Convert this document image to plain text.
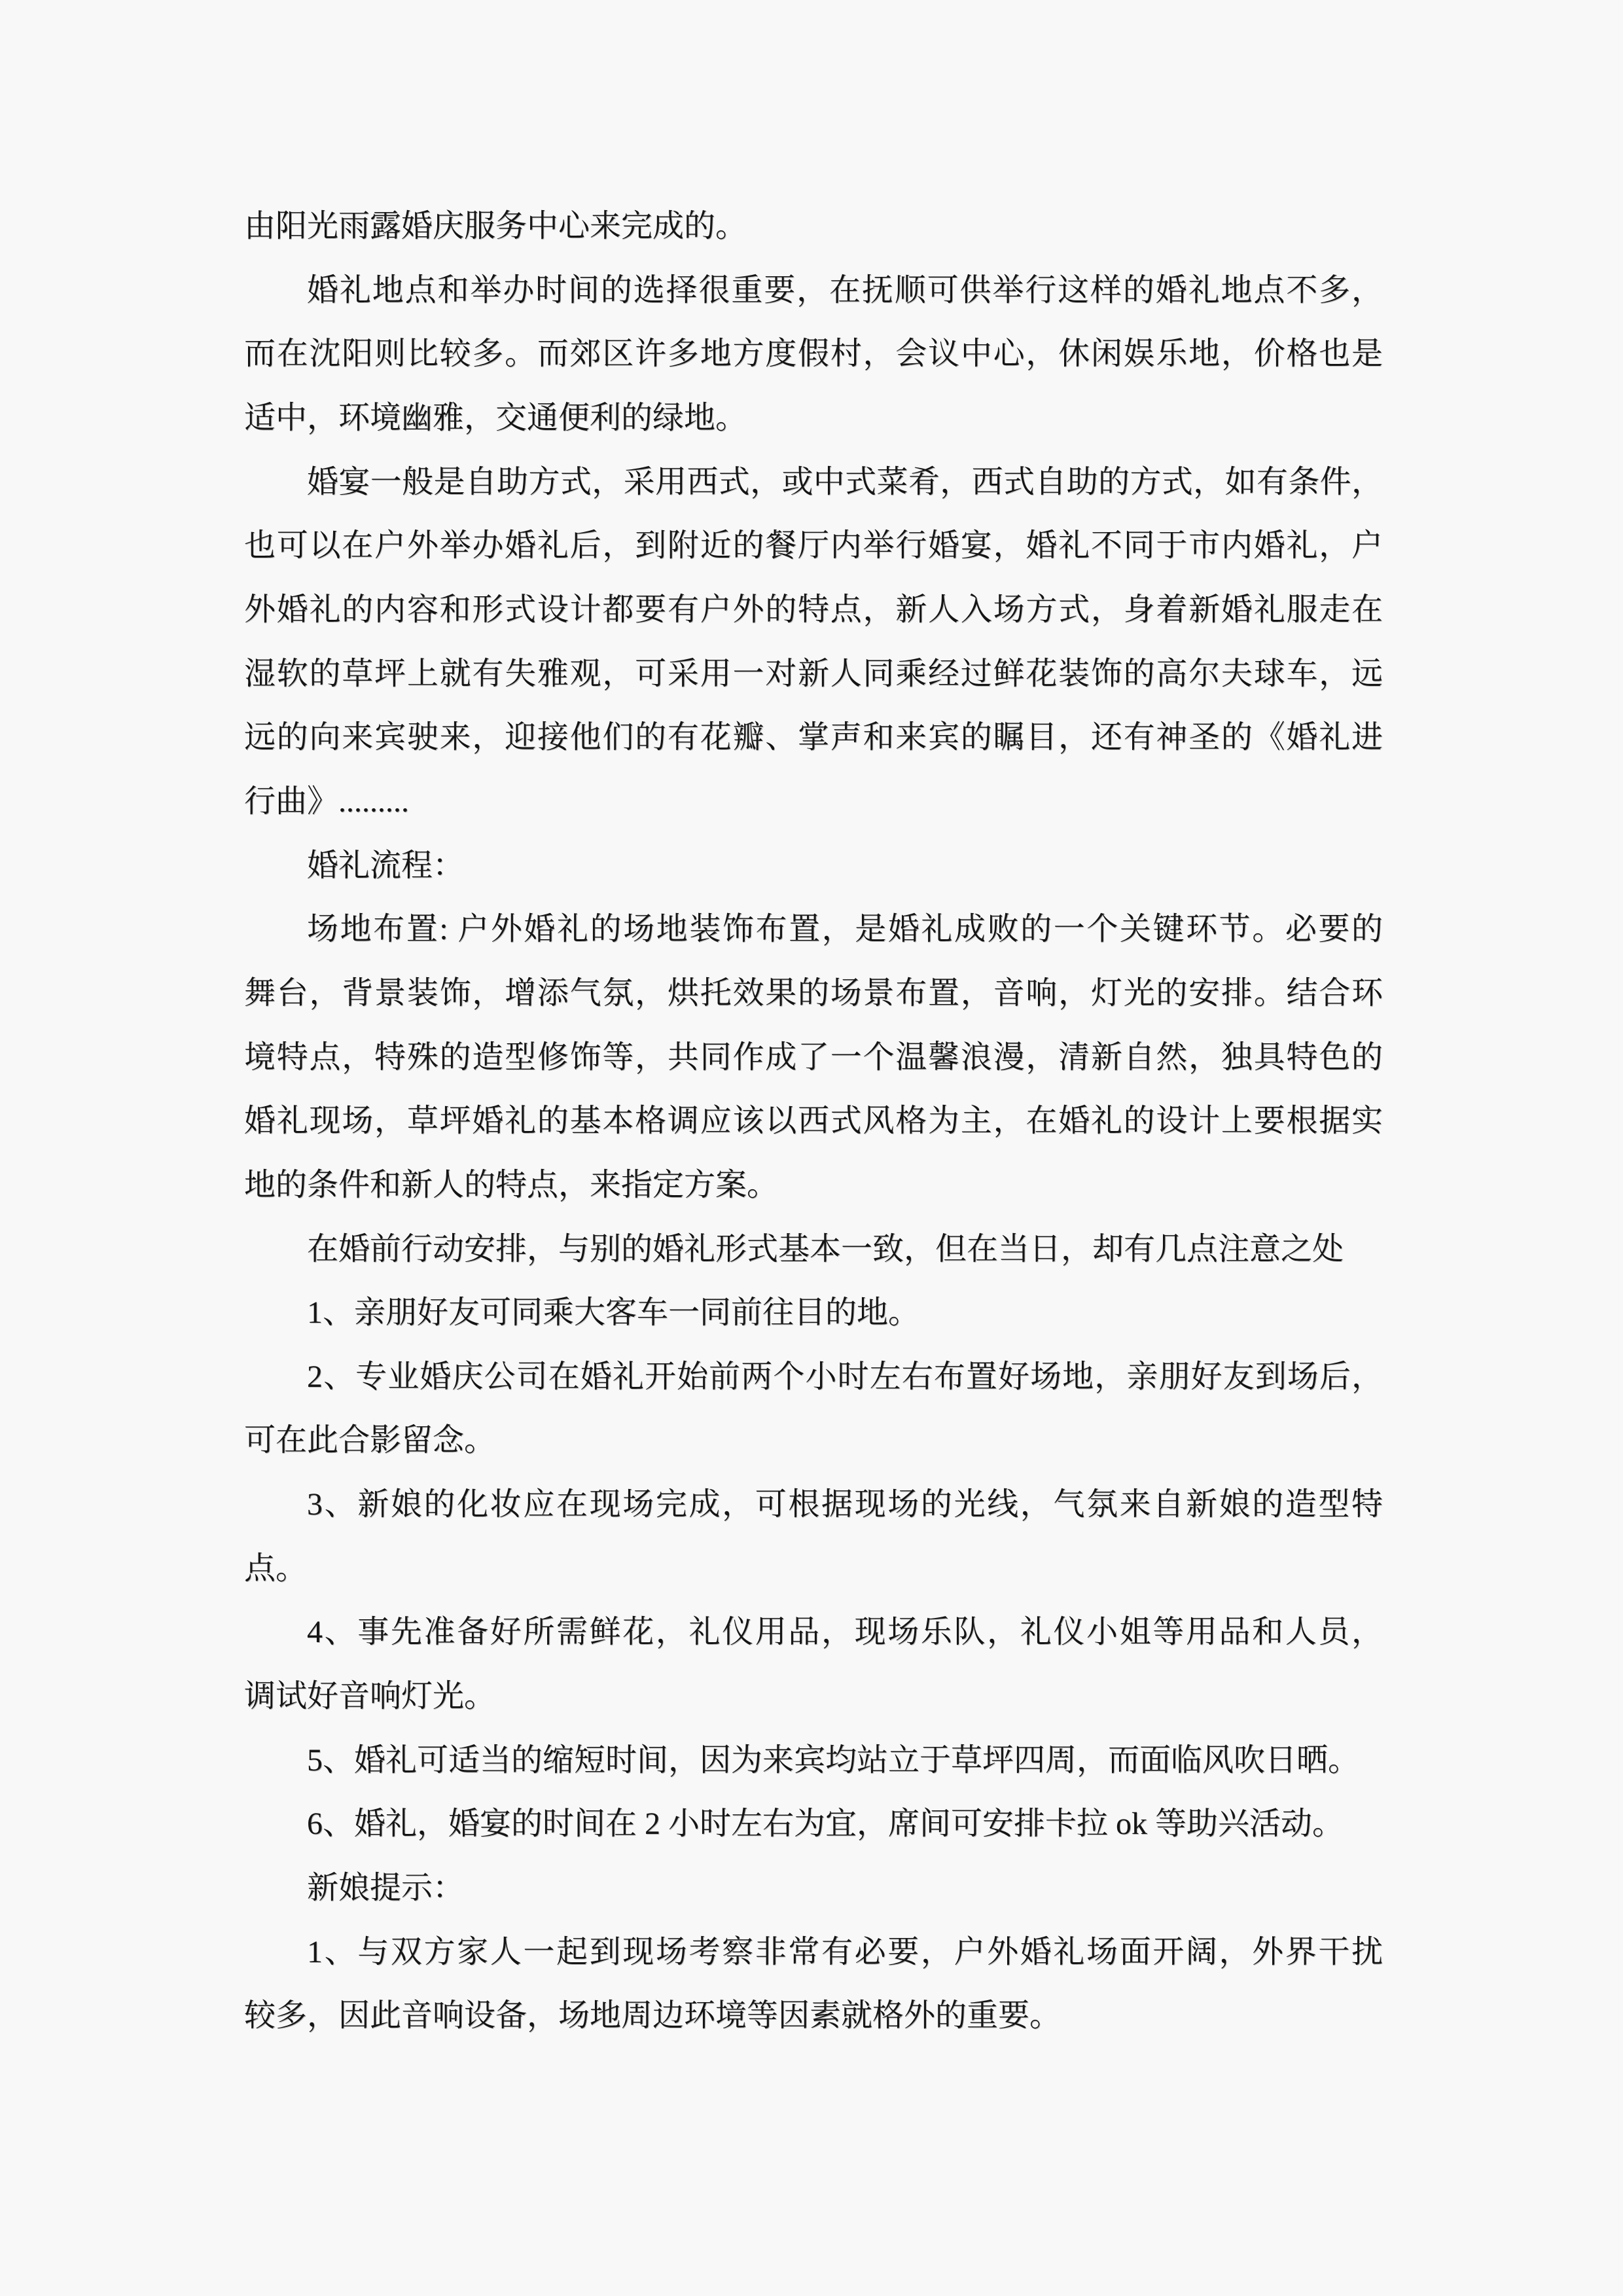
由阳光雨露婚庆服务中心来完成的。
婚礼地点和举办时间的选择很重要，在抚顺可供举行这样的婚礼地点不多，
而在沈阳则比较多。而郊区许多地方度假村，会议中心，休闲娱乐地，价格也是
适中，环境幽雅，交通便利的绿地。
婚宴一般是自助方式，采用西式，或中式菜肴，西式自助的方式，如有条件，
也可以在户外举办婚礼后，到附近的餐厅内举行婚宴，婚礼不同于市内婚礼，户
外婚礼的内容和形式设计都要有户外的特点，新人入场方式，身着新婚礼服走在
湿软的草坪上就有失雅观，可采用一对新人同乘经过鲜花装饰的高尔夫球车，远
远的向来宾驶来，迎接他们的有花瓣、掌声和来宾的瞩目，还有神圣的《婚礼进
行曲》.........
婚礼流程：
场地布置: 户外婚礼的场地装饰布置，是婚礼成败的一个关键环节。必要的
舞台，背景装饰，增添气氛，烘托效果的场景布置，音响，灯光的安排。结合环
境特点，特殊的造型修饰等，共同作成了一个温馨浪漫，清新自然，独具特色的
婚礼现场，草坪婚礼的基本格调应该以西式风格为主，在婚礼的设计上要根据实
地的条件和新人的特点，来指定方案。
在婚前行动安排，与别的婚礼形式基本一致，但在当日，却有几点注意之处
1、亲朋好友可同乘大客车一同前往目的地。
2、专业婚庆公司在婚礼开始前两个小时左右布置好场地，亲朋好友到场后，
可在此合影留念。
3、新娘的化妆应在现场完成，可根据现场的光线，气氛来自新娘的造型特
点。
4、事先准备好所需鲜花，礼仪用品，现场乐队，礼仪小姐等用品和人员，
调试好音响灯光。
5、婚礼可适当的缩短时间，因为来宾均站立于草坪四周，而面临风吹日晒。
6、婚礼，婚宴的时间在 2 小时左右为宜，席间可安排卡拉 ok 等助兴活动。
新娘提示：
1、与双方家人一起到现场考察非常有必要，户外婚礼场面开阔，外界干扰
较多，因此音响设备，场地周边环境等因素就格外的重要。
